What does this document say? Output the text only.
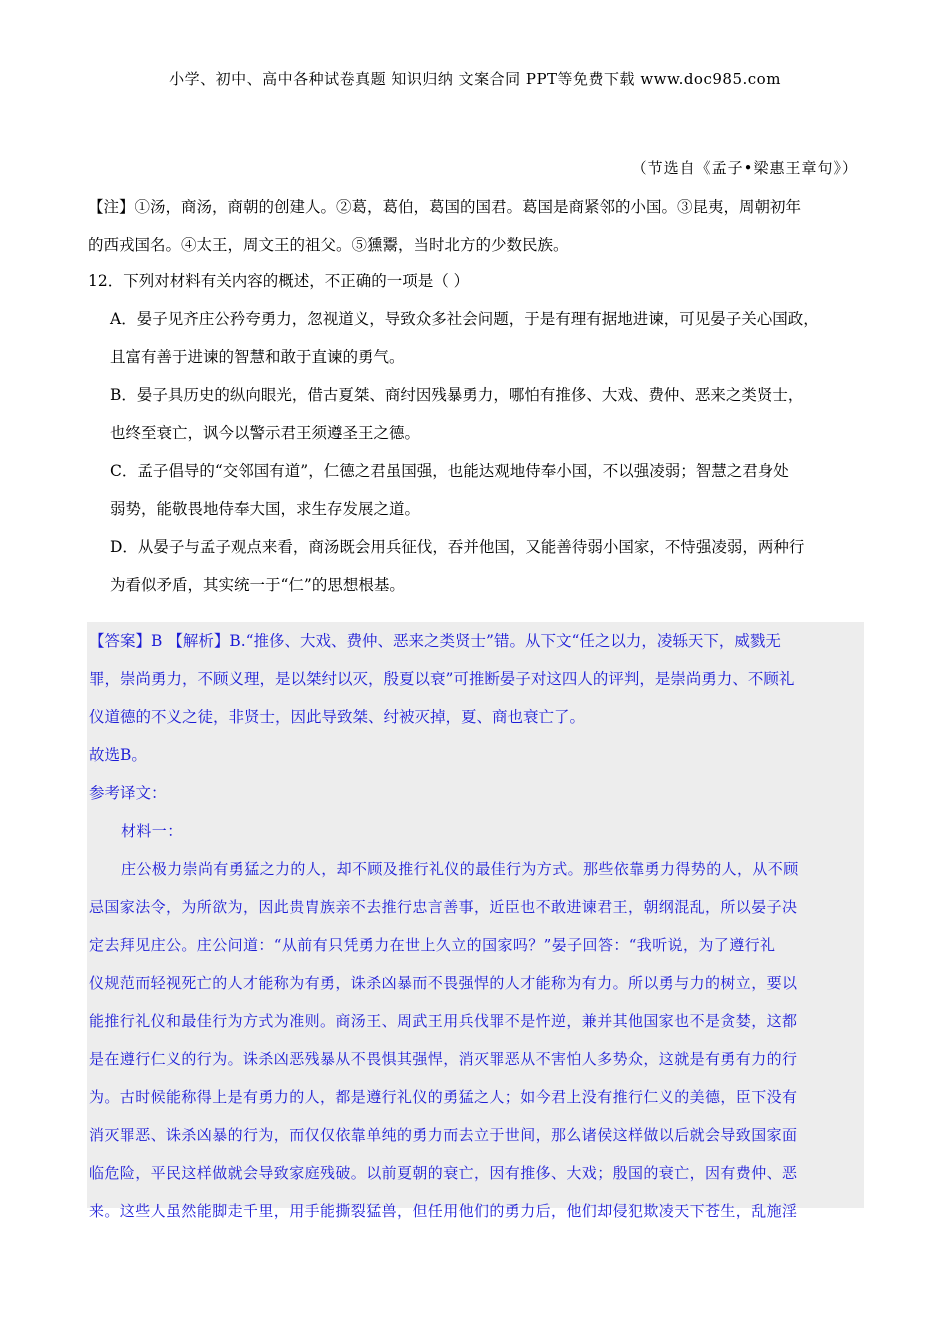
小学、初中、高中各种试卷真题 知识归纳 文案合同 PPT等免费下载 www.doc985.com
（节选自《孟子•梁惠王章句》）
【注】①汤，商汤，商朝的创建人。②葛，葛伯，葛国的国君。葛国是商紧邻的小国。③昆夷，周朝初年
的西戎国名。④太王，周文王的祖父。⑤獯鬻，当时北方的少数民族。
12．下列对材料有关内容的概述，不正确的一项是（ ）
A．晏子见齐庄公矜夸勇力，忽视道义，导致众多社会问题，于是有理有据地进谏，可见晏子关心国政，
且富有善于进谏的智慧和敢于直谏的勇气。
B．晏子具历史的纵向眼光，借古夏桀、商纣因残暴勇力，哪怕有推侈、大戏、费仲、恶来之类贤士，
也终至衰亡，讽今以警示君王须遵圣王之德。
C．孟子倡导的“交邻国有道”，仁德之君虽国强，也能达观地侍奉小国，不以强凌弱；智慧之君身处
弱势，能敬畏地侍奉大国，求生存发展之道。
D．从晏子与孟子观点来看，商汤既会用兵征伐，吞并他国，又能善待弱小国家，不恃强凌弱，两种行
为看似矛盾，其实统一于“仁”的思想根基。
【答案】B 【解析】B.“推侈、大戏、费仲、恶来之类贤士”错。从下文“任之以力，凌轹天下，威戮无
罪，崇尚勇力，不顾义理，是以桀纣以灭，殷夏以衰”可推断晏子对这四人的评判，是崇尚勇力、不顾礼
仪道德的不义之徒，非贤士，因此导致桀、纣被灭掉，夏、商也衰亡了。
故选B。
参考译文：
材料一：
庄公极力崇尚有勇猛之力的人，却不顾及推行礼仪的最佳行为方式。那些依靠勇力得势的人，从不顾
忌国家法令，为所欲为，因此贵胄族亲不去推行忠言善事，近臣也不敢进谏君王，朝纲混乱，所以晏子决
定去拜见庄公。庄公问道：“从前有只凭勇力在世上久立的国家吗？”晏子回答：“我听说，为了遵行礼
仪规范而轻视死亡的人才能称为有勇，诛杀凶暴而不畏强悍的人才能称为有力。所以勇与力的树立，要以
能推行礼仪和最佳行为方式为准则。商汤王、周武王用兵伐罪不是忤逆，兼并其他国家也不是贪婪，这都
是在遵行仁义的行为。诛杀凶恶残暴从不畏惧其强悍，消灭罪恶从不害怕人多势众，这就是有勇有力的行
为。古时候能称得上是有勇力的人，都是遵行礼仪的勇猛之人；如今君上没有推行仁义的美德，臣下没有
消灭罪恶、诛杀凶暴的行为，而仅仅依靠单纯的勇力而去立于世间，那么诸侯这样做以后就会导致国家面
临危险，平民这样做就会导致家庭残破。以前夏朝的衰亡，因有推侈、大戏；殷国的衰亡，因有费仲、恶
来。这些人虽然能脚走千里，用手能撕裂猛兽，但任用他们的勇力后，他们却侵犯欺凌天下苍生，乱施淫
